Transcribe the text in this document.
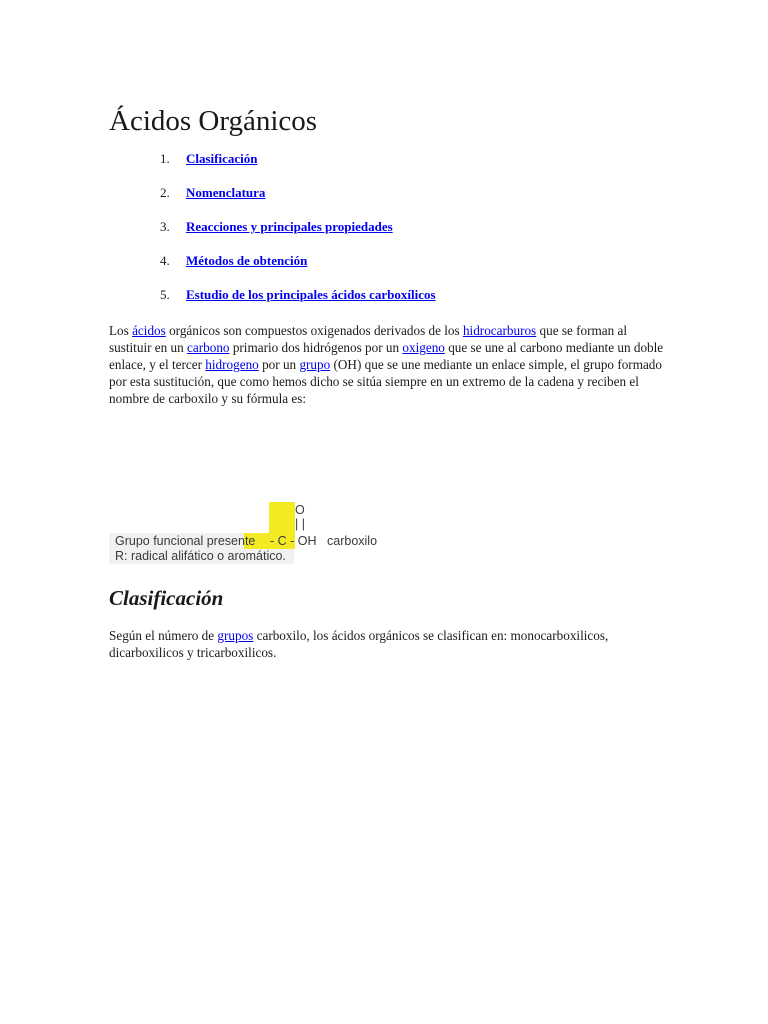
Ácidos Orgánicos
1. Clasificación
2. Nomenclatura
3. Reacciones y principales propiedades
4. Métodos de obtención
5. Estudio de los principales ácidos carboxílicos

Los ácidos orgánicos son compuestos oxigenados derivados de los hidrocarburos que se forman al sustituir en un carbono primario dos hidrógenos por un oxigeno que se une al carbono mediante un doble enlace, y el tercer hidrogeno por un grupo (OH) que se une mediante un enlace simple, el grupo formado por esta sustitución, que como hemos dicho se sitúa siempre en un extremo de la cadena y reciben el nombre de carboxilo y su fórmula es:

O
| |
Grupo funcional presente - C - OH carboxilo
R: radical alifático o aromático.
Clasificación

Según el número de grupos carboxilo, los ácidos orgánicos se clasifican en: monocarboxilicos, dicarboxilicos y tricarboxilicos.
